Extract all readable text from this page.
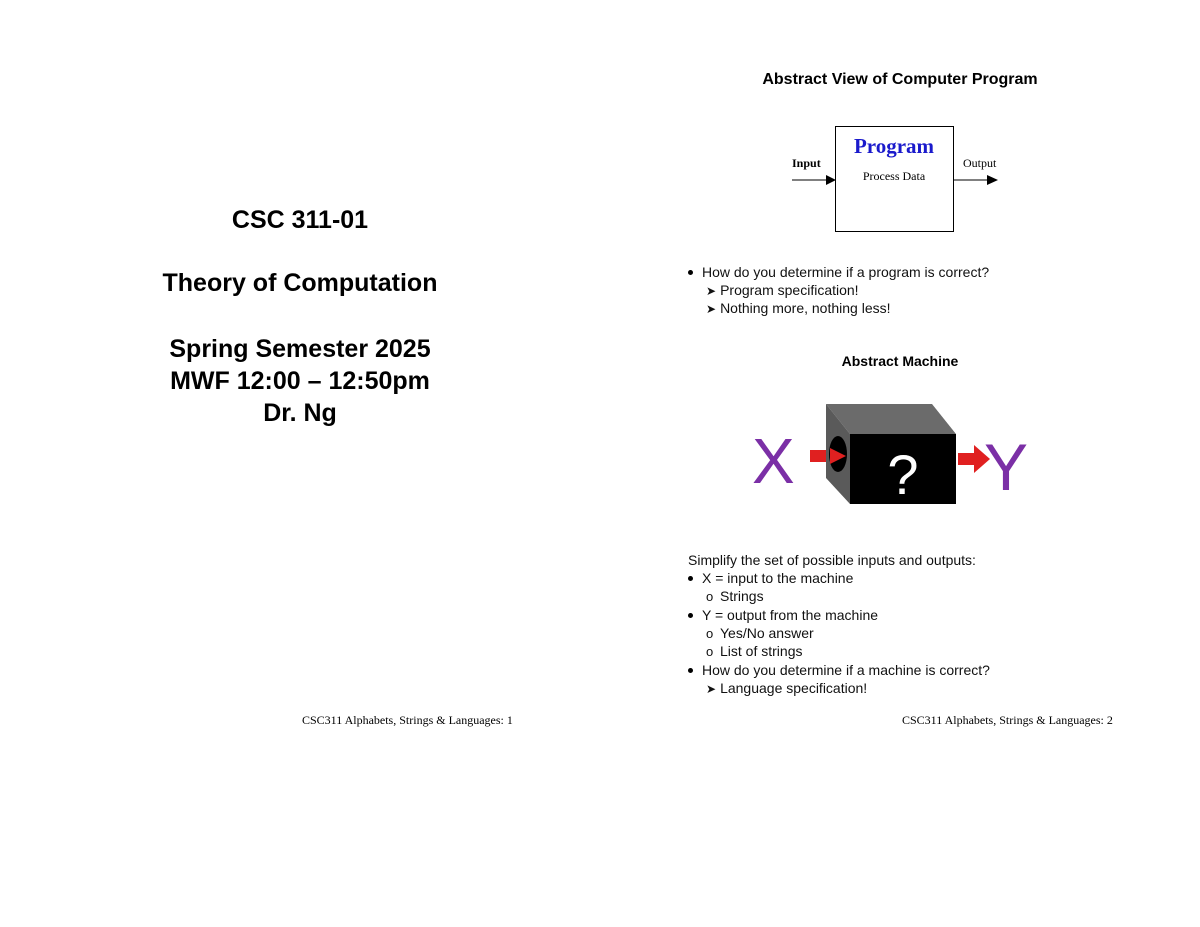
CSC 311-01
Theory of Computation
Spring Semester 2025
MWF 12:00 – 12:50pm
Dr. Ng
CSC311 Alphabets, Strings & Languages: 1
Abstract View of Computer Program
Program
Process Data
Input	Output
How do you determine if a program is correct?
➤ Program specification!
➤ Nothing more, nothing less!
Abstract Machine
X ? Y
Simplify the set of possible inputs and outputs:
X = input to the machine
o Strings
Y = output from the machine
o Yes/No answer
o List of strings
How do you determine if a machine is correct?
➤ Language specification!
CSC311 Alphabets, Strings & Languages: 2
